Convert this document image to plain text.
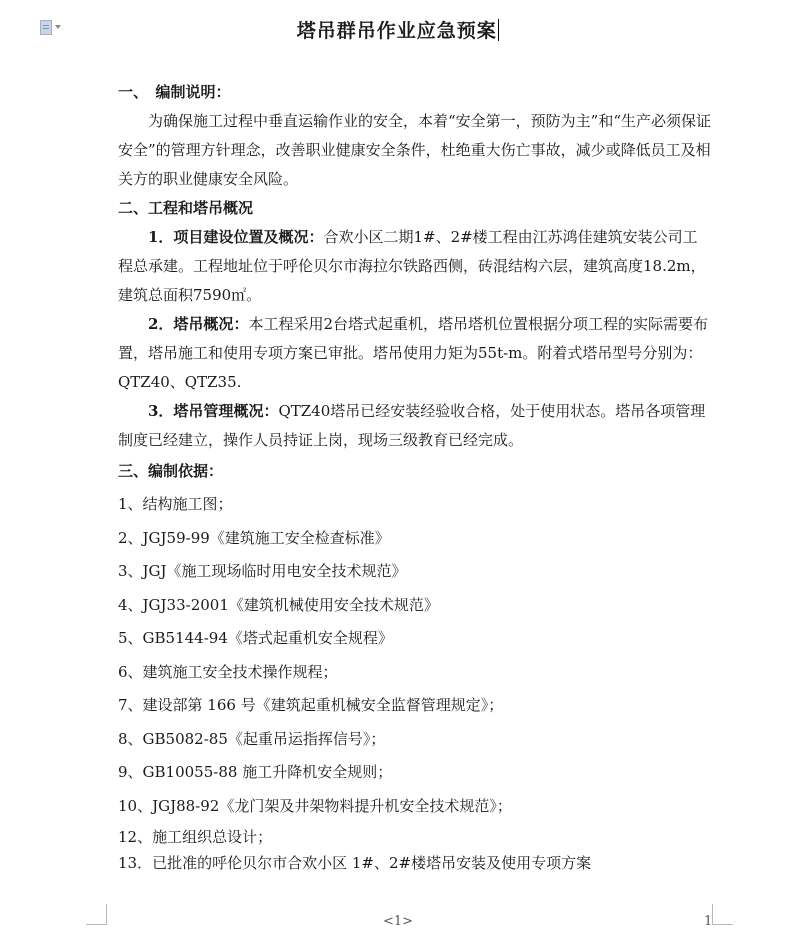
塔吊群吊作业应急预案
一、　编制说明：
为确保施工过程中垂直运输作业的安全，本着“安全第一，预防为主”和“生产必须保证安全”的管理方针理念，改善职业健康安全条件，杜绝重大伤亡事故，减少或降低员工及相关方的职业健康安全风险。
二、工程和塔吊概况
1．项目建设位置及概况：合欢小区二期1#、2#楼工程由江苏鸿佳建筑安装公司工程总承建。工程地址位于呼伦贝尔市海拉尔铁路西侧，砖混结构六层，建筑高度18.2m，建筑总面积7590㎡。
2．塔吊概况：本工程采用2台塔式起重机，塔吊塔机位置根据分项工程的实际需要布置，塔吊施工和使用专项方案已审批。塔吊使用力矩为55t-m。附着式塔吊型号分别为：QTZ40、QTZ35.
3．塔吊管理概况：QTZ40塔吊已经安装经验收合格，处于使用状态。塔吊各项管理制度已经建立，操作人员持证上岗，现场三级教育已经完成。
三、编制依据：
1、结构施工图；
2、JGJ59-99《建筑施工安全检查标准》
3、JGJ《施工现场临时用电安全技术规范》
4、JGJ33-2001《建筑机械使用安全技术规范》
5、GB5144-94《塔式起重机安全规程》
6、建筑施工安全技术操作规程；
7、建设部第 166 号《建筑起重机械安全监督管理规定》；
8、GB5082-85《起重吊运指挥信号》；
9、GB10055-88 施工升降机安全规则；
10、JGJ88-92《龙门架及井架物料提升机安全技术规范》；
12、施工组织总设计；
13．已批准的呼伦贝尔市合欢小区 1#、2#楼塔吊安装及使用专项方案
<1>	1
